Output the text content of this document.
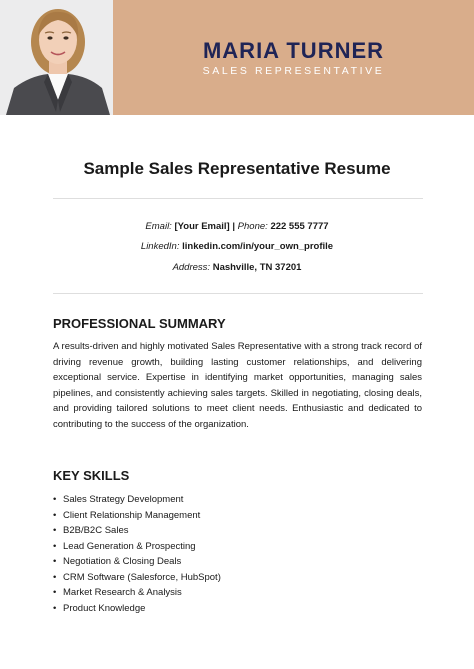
MARIA TURNER
SALES REPRESENTATIVE
Sample Sales Representative Resume
Email: [Your Email] | Phone: 222 555 7777
LinkedIn: linkedin.com/in/your_own_profile
Address: Nashville, TN 37201
PROFESSIONAL SUMMARY

A results-driven and highly motivated Sales Representative with a strong track record of driving revenue growth, building lasting customer relationships, and delivering exceptional service. Expertise in identifying market opportunities, managing sales pipelines, and consistently achieving sales targets. Skilled in negotiating, closing deals, and providing tailored solutions to meet client needs. Enthusiastic and dedicated to contributing to the success of the organization.

KEY SKILLS
• Sales Strategy Development
• Client Relationship Management
• B2B/B2C Sales
• Lead Generation & Prospecting
• Negotiation & Closing Deals
• CRM Software (Salesforce, HubSpot)
• Market Research & Analysis
• Product Knowledge
